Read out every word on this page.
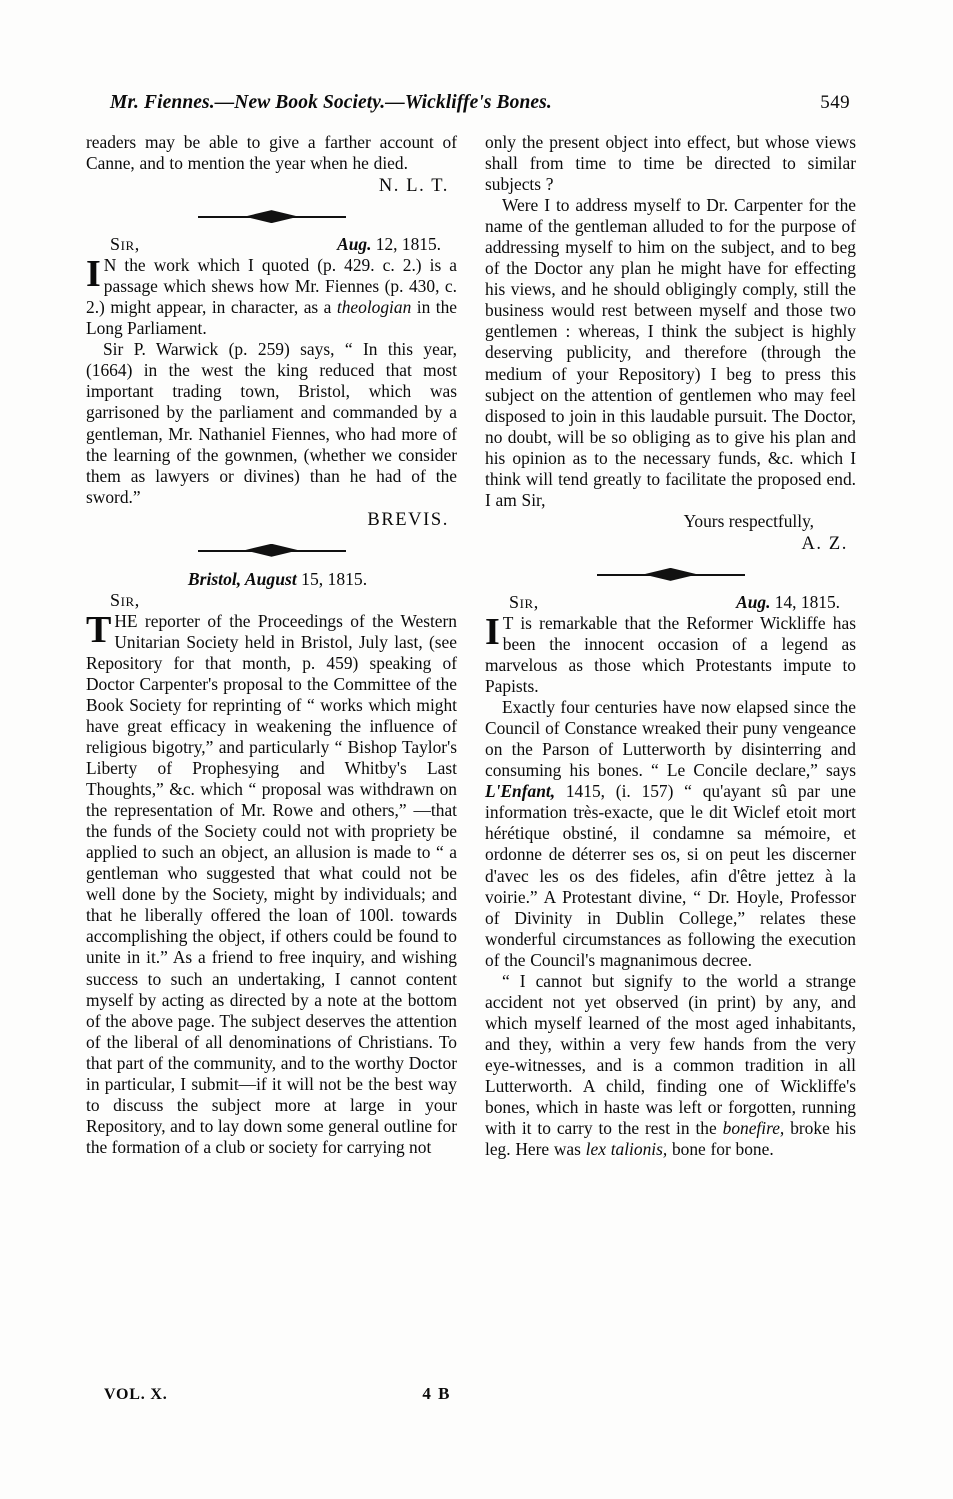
Mr. Fiennes.—New Book Society.—Wickliffe's Bones.	549

readers may be able to give a farther account of Canne, and to mention the year when he died.

N. L. T.
Sir,	Aug. 12, 1815.
I N the work which I quoted (p. 429. c. 2.) is a passage which shews how Mr. Fiennes (p. 430, c. 2.) might appear, in character, as a theologian in the Long Parliament.

Sir P. Warwick (p. 259) says, “ In this year, (1664) in the west the king reduced that most important trading town, Bristol, which was garrisoned by the parliament and commanded by a gentleman, Mr. Nathaniel Fiennes, who had more of the learning of the gownmen, (whether we consider them as lawyers or divines) than he had of the sword.”

BREVIS.
Bristol, August 15, 1815.
Sir,
THE reporter of the Proceedings of the Western Unitarian Society held in Bristol, July last, (see Repository for that month, p. 459) speaking of Doctor Carpenter's proposal to the Committee of the Book Society for reprinting of “ works which might have great efficacy in weakening the influence of religious bigotry,” and particularly “ Bishop Taylor's Liberty of Prophesying and Whitby's Last Thoughts,” &c. which “ proposal was withdrawn on the representation of Mr. Rowe and others,” —that the funds of the Society could not with propriety be applied to such an object, an allusion is made to “ a gentleman who suggested that what could not be well done by the Society, might by individuals; and that he liberally offered the loan of 100l. towards accomplishing the object, if others could be found to unite in it.” As a friend to free inquiry, and wishing success to such an undertaking, I cannot content myself by acting as directed by a note at the bottom of the above page. The subject deserves the attention of the liberal of all denominations of Christians. To that part of the community, and to the worthy Doctor in particular, I submit—if it will not be the best way to discuss the subject more at large in your Repository, and to lay down some general outline for the formation of a club or society for carrying not

only the present object into effect, but whose views shall from time to time be directed to similar subjects ?

Were I to address myself to Dr. Carpenter for the name of the gentleman alluded to for the purpose of addressing myself to him on the subject, and to beg of the Doctor any plan he might have for effecting his views, and he should obligingly comply, still the business would rest between myself and those two gentlemen : whereas, I think the subject is highly deserving publicity, and therefore (through the medium of your Repository) I beg to press this subject on the attention of gentlemen who may feel disposed to join in this laudable pursuit. The Doctor, no doubt, will be so obliging as to give his plan and his opinion as to the necessary funds, &c. which I think will tend greatly to facilitate the proposed end. I am Sir,

Yours respectfully,
A. Z.
Sir,	Aug. 14, 1815.
I T is remarkable that the Reformer Wickliffe has been the innocent occasion of a legend as marvelous as those which Protestants impute to Papists.

Exactly four centuries have now elapsed since the Council of Constance wreaked their puny vengeance on the Parson of Lutterworth by disinterring and consuming his bones. “ Le Concile declare,” says L'Enfant, 1415, (i. 157) “ qu'ayant sû par une information très-exacte, que le dit Wiclef etoit mort hérétique obstiné, il condamne sa mémoire, et ordonne de déterrer ses os, si on peut les discerner d'avec les os des fideles, afin d'être jettez à la voirie.” A Protestant divine, “ Dr. Hoyle, Professor of Divinity in Dublin College,” relates these wonderful circumstances as following the execution of the Council's magnanimous decree.

“ I cannot but signify to the world a strange accident not yet observed (in print) by any, and which myself learned of the most aged inhabitants, and they, within a very few hands from the very eye-witnesses, and is a common tradition in all Lutterworth. A child, finding one of Wickliffe's bones, which in haste was left or forgotten, running with it to carry to the rest in the bonefire, broke his leg. Here was lex talionis, bone for bone.

VOL. X.	4 B
